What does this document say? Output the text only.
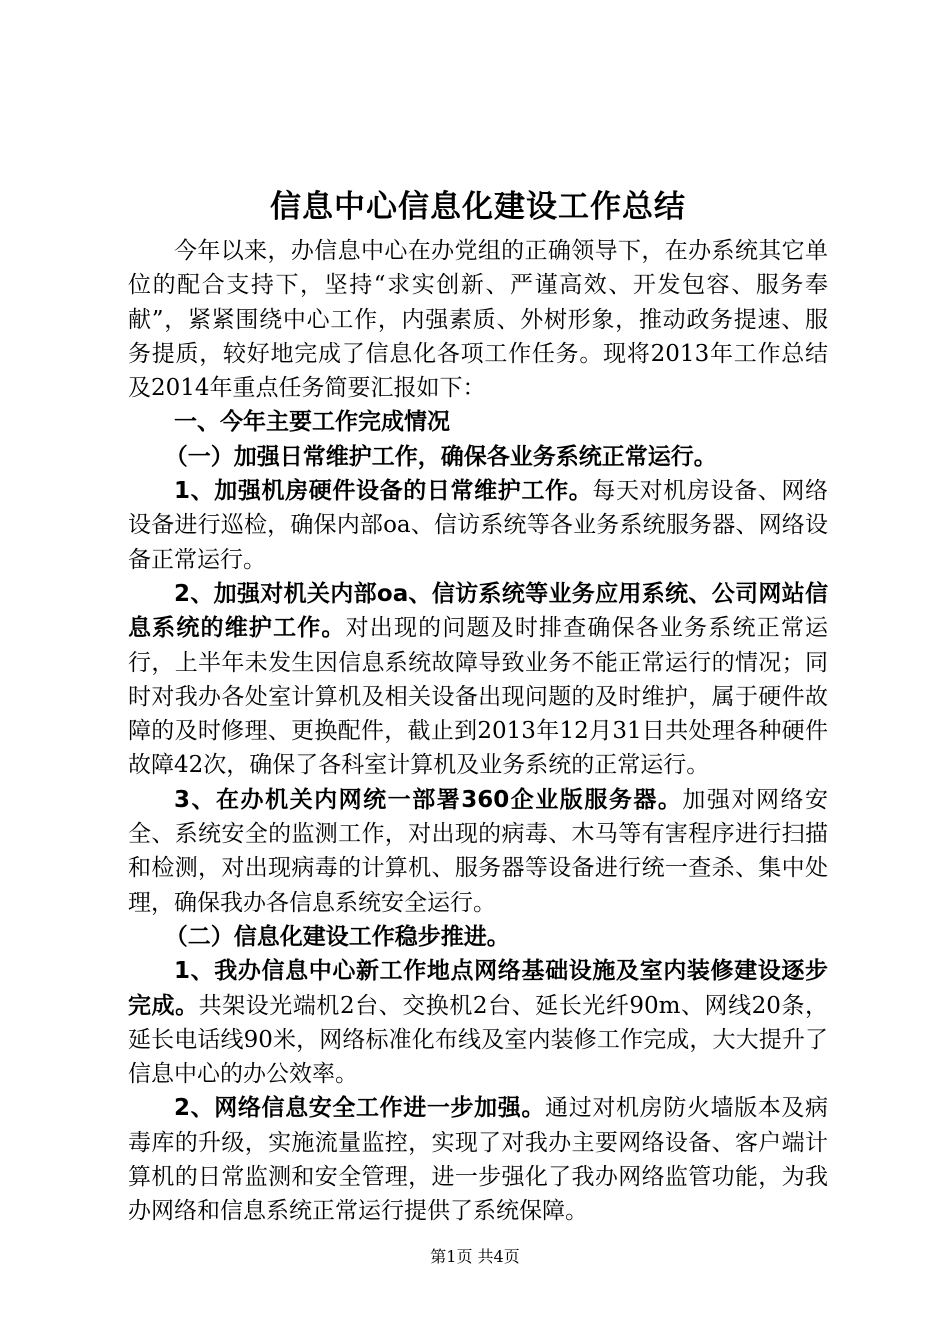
信息中心信息化建设工作总结

今年以来，办信息中心在办党组的正确领导下，在办系统其它单位的配合支持下，坚持“求实创新、严谨高效、开发包容、服务奉献”，紧紧围绕中心工作，内强素质、外树形象，推动政务提速、服务提质，较好地完成了信息化各项工作任务。现将2013年工作总结及2014年重点任务简要汇报如下：

一、今年主要工作完成情况

（一）加强日常维护工作，确保各业务系统正常运行。

1、加强机房硬件设备的日常维护工作。每天对机房设备、网络设备进行巡检，确保内部oa、信访系统等各业务系统服务器、网络设备正常运行。

2、加强对机关内部oa、信访系统等业务应用系统、公司网站信息系统的维护工作。对出现的问题及时排查确保各业务系统正常运行，上半年未发生因信息系统故障导致业务不能正常运行的情况；同时对我办各处室计算机及相关设备出现问题的及时维护，属于硬件故障的及时修理、更换配件，截止到2013年12月31日共处理各种硬件故障42次，确保了各科室计算机及业务系统的正常运行。

3、在办机关内网统一部署360企业版服务器。加强对网络安全、系统安全的监测工作，对出现的病毒、木马等有害程序进行扫描和检测，对出现病毒的计算机、服务器等设备进行统一查杀、集中处理，确保我办各信息系统安全运行。

（二）信息化建设工作稳步推进。

1、我办信息中心新工作地点网络基础设施及室内装修建设逐步完成。共架设光端机2台、交换机2台、延长光纤90m、网线20条，延长电话线90米，网络标准化布线及室内装修工作完成，大大提升了信息中心的办公效率。

2、网络信息安全工作进一步加强。通过对机房防火墙版本及病毒库的升级，实施流量监控，实现了对我办主要网络设备、客户端计算机的日常监测和安全管理，进一步强化了我办网络监管功能，为我办网络和信息系统正常运行提供了系统保障。

第1页 共4页
